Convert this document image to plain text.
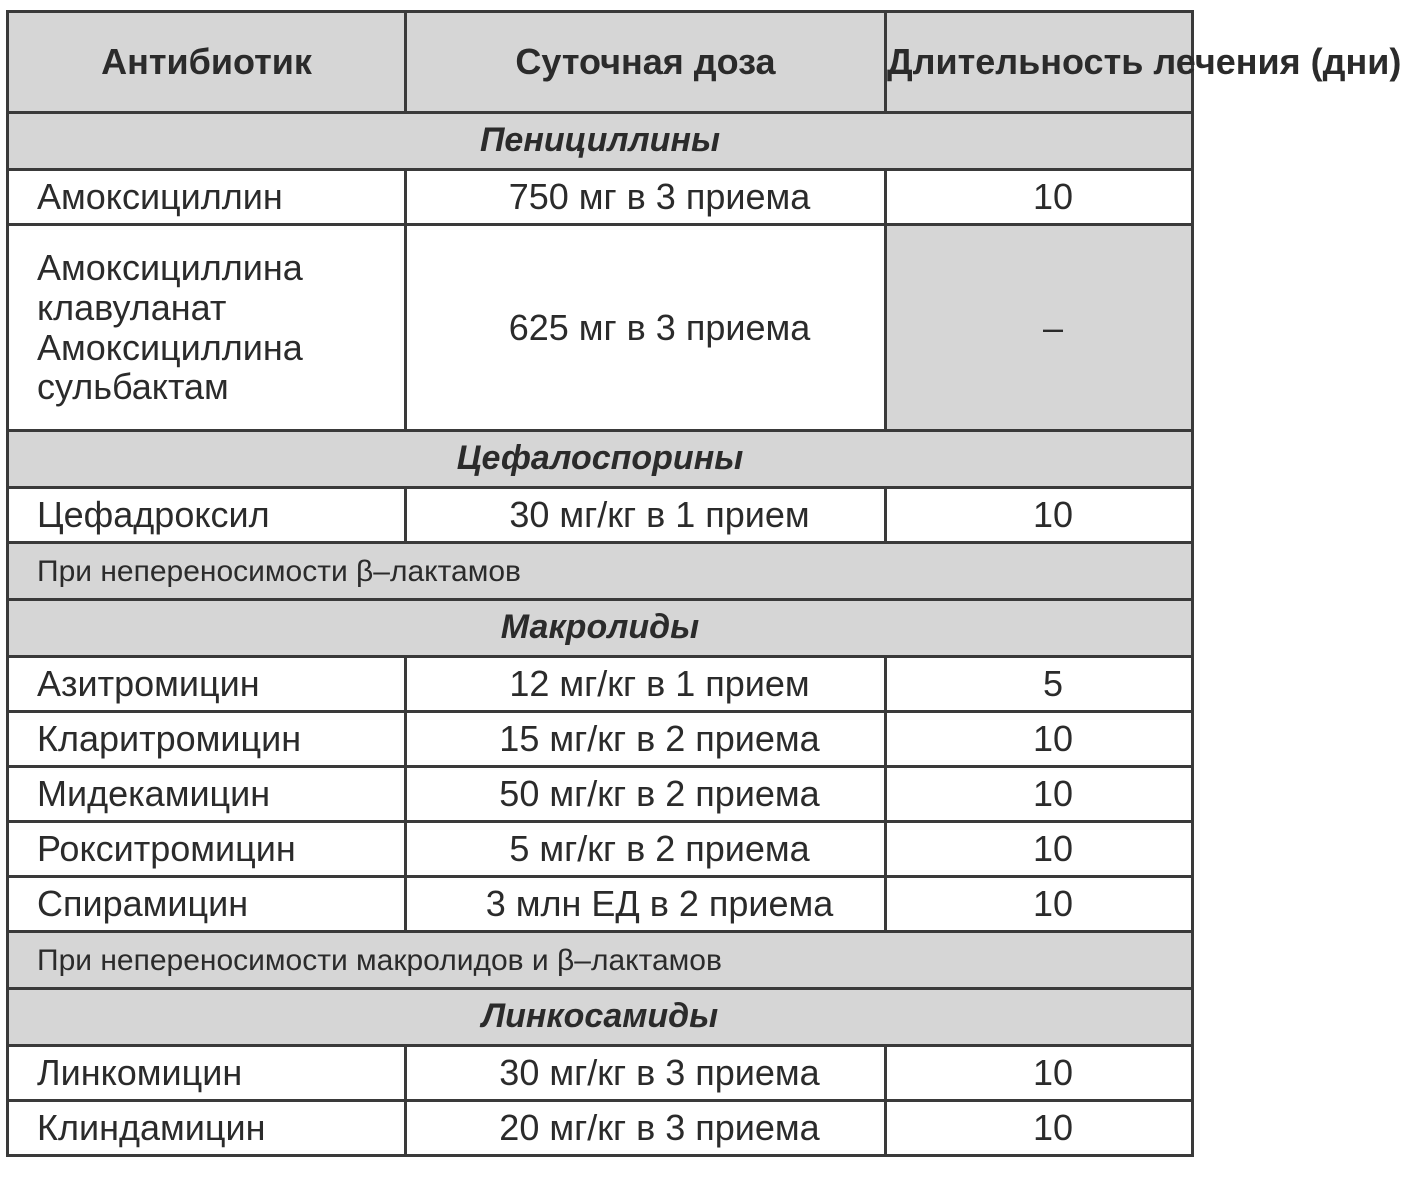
Антибиотик	Суточная доза	Длительность лечения (дни)
Пенициллины		
Амоксициллин	750 мг в 3 приема	10

Амоксициллина
клавуланат
Амоксициллина
сульбактам	625 мг в 3 приема	–
Цефалоспорины		
Цефадроксил	30 мг/кг в 1 прием	10
При непереносимости β–лактамов		
Макролиды		
Азитромицин	12 мг/кг в 1 прием	5
Кларитромицин	15 мг/кг в 2 приема	10
Мидекамицин	50 мг/кг в 2 приема	10
Рокситромицин	5 мг/кг в 2 приема	10
Спирамицин	3 млн ЕД в 2 приема	10
При непереносимости макролидов и β–лактамов		
Линкосамиды		
Линкомицин	30 мг/кг в 3 приема	10
Клиндамицин	20 мг/кг в 3 приема	10
